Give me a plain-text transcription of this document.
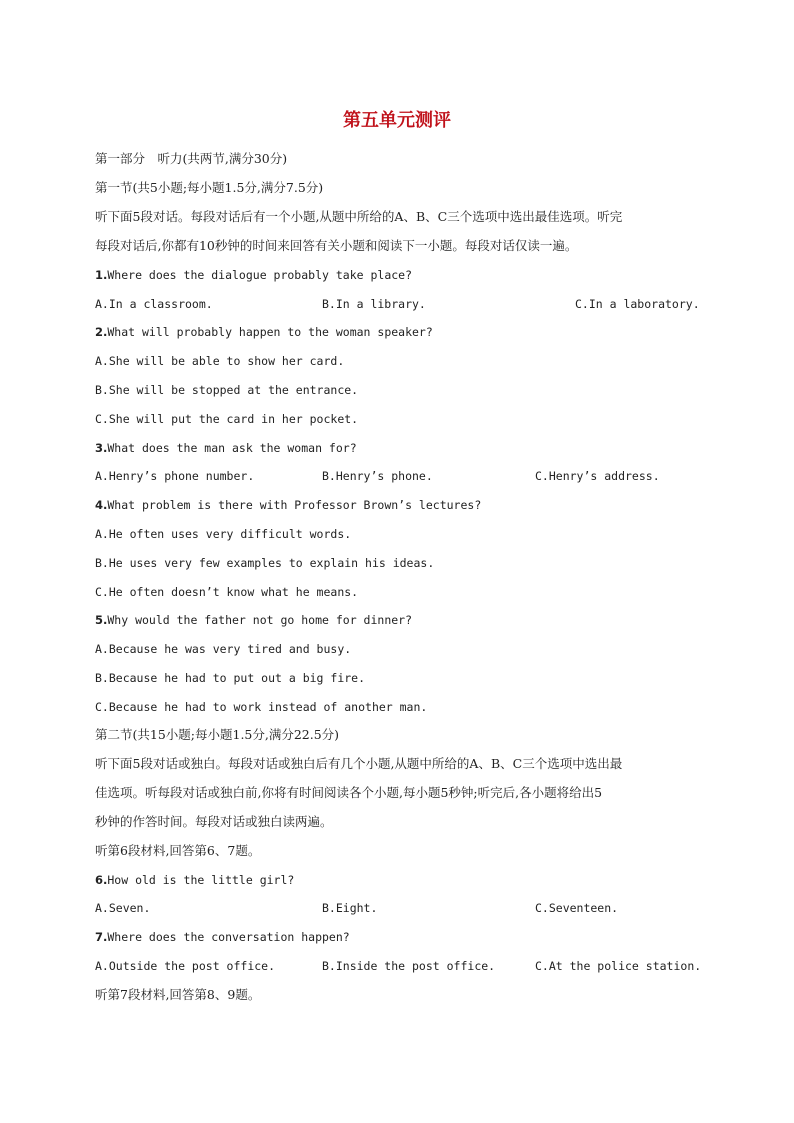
第五单元测评
第一部分　听力(共两节,满分30分)
第一节(共5小题;每小题1.5分,满分7.5分)
听下面5段对话。每段对话后有一个小题,从题中所给的A、B、C三个选项中选出最佳选项。听完
每段对话后,你都有10秒钟的时间来回答有关小题和阅读下一小题。每段对话仅读一遍。
1.Where does the dialogue probably take place?
A.In a classroom.	B.In a library.	C.In a laboratory.
2.What will probably happen to the woman speaker?
A.She will be able to show her card.
B.She will be stopped at the entrance.
C.She will put the card in her pocket.
3.What does the man ask the woman for?
A.Henry’s phone number.	B.Henry’s phone.	C.Henry’s address.
4.What problem is there with Professor Brown’s lectures?
A.He often uses very difficult words.
B.He uses very few examples to explain his ideas.
C.He often doesn’t know what he means.
5.Why would the father not go home for dinner?
A.Because he was very tired and busy.
B.Because he had to put out a big fire.
C.Because he had to work instead of another man.
第二节(共15小题;每小题1.5分,满分22.5分)
听下面5段对话或独白。每段对话或独白后有几个小题,从题中所给的A、B、C三个选项中选出最
佳选项。听每段对话或独白前,你将有时间阅读各个小题,每小题5秒钟;听完后,各小题将给出5
秒钟的作答时间。每段对话或独白读两遍。
听第6段材料,回答第6、7题。
6.How old is the little girl?
A.Seven.	B.Eight.	C.Seventeen.
7.Where does the conversation happen?
A.Outside the post office.	B.Inside the post office.	C.At the police station.
听第7段材料,回答第8、9题。
